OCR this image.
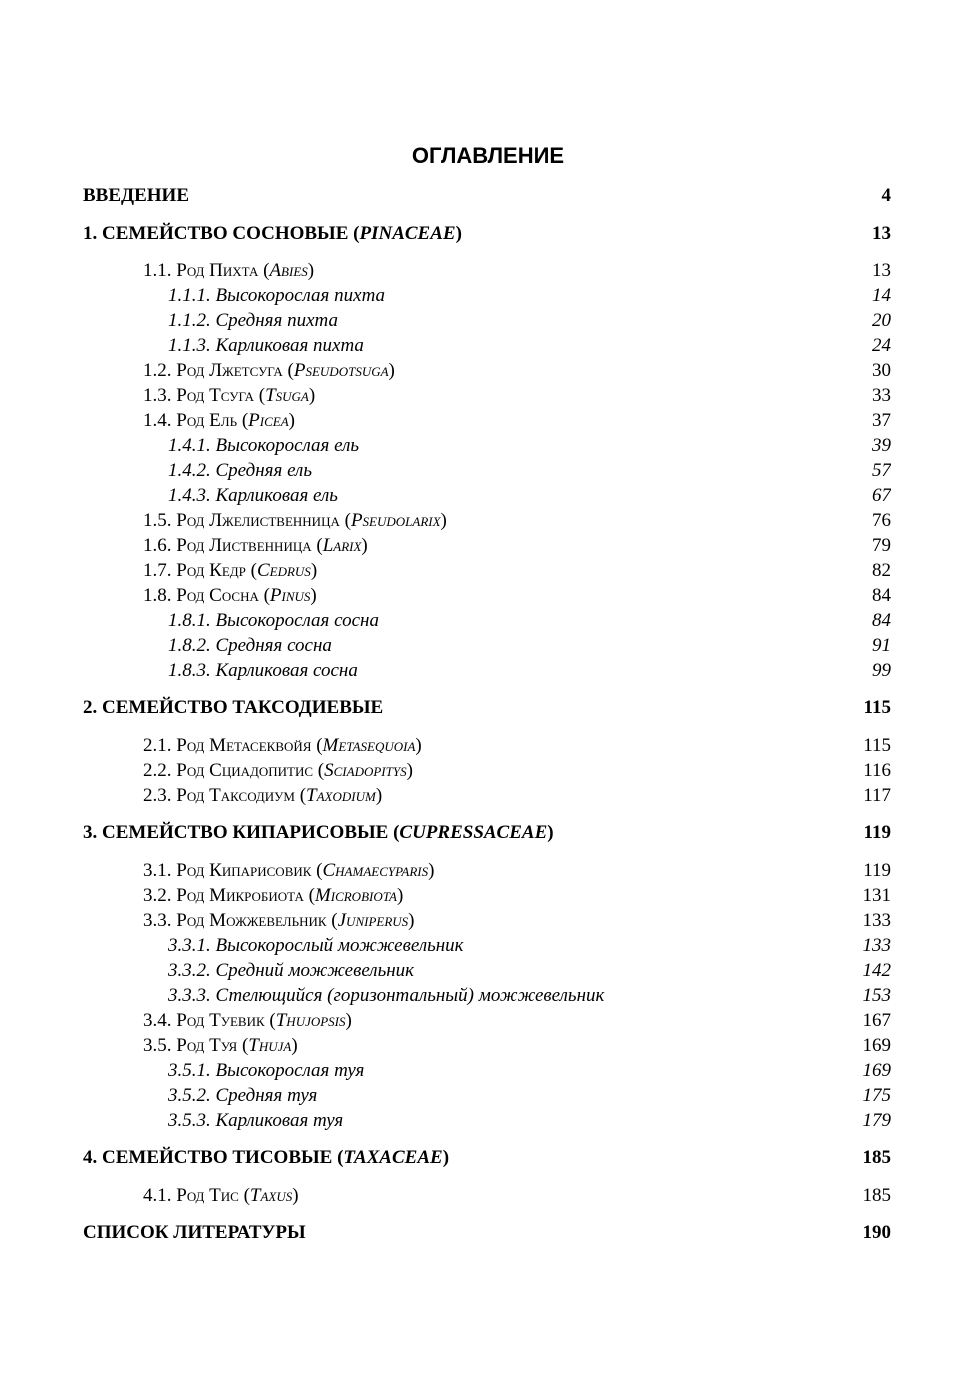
ОГЛАВЛЕНИЕ
ВВЕДЕНИЕ	4
1. СЕМЕЙСТВО СОСНОВЫЕ (PINACEAE)	13
1.1. Род Пихта (Abies)	13
1.1.1. Высокорослая пихта	14
1.1.2. Средняя пихта	20
1.1.3. Карликовая пихта	24
1.2. Род Лжетсуга (Pseudotsuga)	30
1.3. Род Тсуга (Tsuga)	33
1.4. Род Ель (Picea)	37
1.4.1. Высокорослая ель	39
1.4.2. Средняя ель	57
1.4.3. Карликовая ель	67
1.5. Род Лжелиственница (Pseudolarix)	76
1.6. Род Лиственница (Larix)	79
1.7. Род Кедр (Cedrus)	82
1.8. Род Сосна (Pinus)	84
1.8.1. Высокорослая сосна	84
1.8.2. Средняя сосна	91
1.8.3. Карликовая сосна	99
2. СЕМЕЙСТВО ТАКСОДИЕВЫЕ	115
2.1. Род Метасеквойя (Metasequoia)	115
2.2. Род Сциадопитис (Sciadopitys)	116
2.3. Род Таксодиум (Taxodium)	117
3. СЕМЕЙСТВО КИПАРИСОВЫЕ (CUPRESSACEAE)	119
3.1. Род Кипарисовик (Chamaecyparis)	119
3.2. Род Микробиота (Microbiota)	131
3.3. Род Можжевельник (Juniperus)	133
3.3.1. Высокорослый можжевельник	133
3.3.2. Средний можжевельник	142
3.3.3. Стелющийся (горизонтальный) можжевельник	153
3.4. Род Туевик (Thujopsis)	167
3.5. Род Туя (Thuja)	169
3.5.1. Высокорослая туя	169
3.5.2. Средняя туя	175
3.5.3. Карликовая туя	179
4. СЕМЕЙСТВО ТИСОВЫЕ (TAXACEAE)	185
4.1. Род Тис (Taxus)	185
СПИСОК ЛИТЕРАТУРЫ	190
